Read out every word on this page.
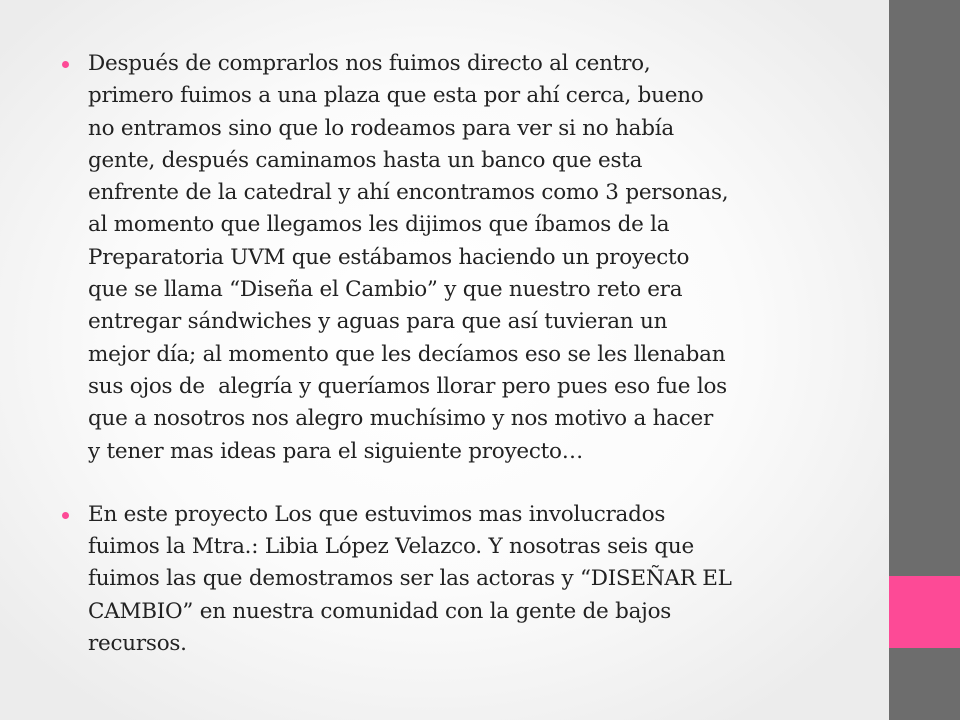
Después de comprarlos nos fuimos directo al centro,
primero fuimos a una plaza que esta por ahí cerca, bueno
no entramos sino que lo rodeamos para ver si no había
gente, después caminamos hasta un banco que esta
enfrente de la catedral y ahí encontramos como 3 personas,
al momento que llegamos les dijimos que íbamos de la
Preparatoria UVM que estábamos haciendo un proyecto
que se llama “Diseña el Cambio” y que nuestro reto era
entregar sándwiches y aguas para que así tuvieran un
mejor día; al momento que les decíamos eso se les llenaban
sus ojos de  alegría y queríamos llorar pero pues eso fue los
que a nosotros nos alegro muchísimo y nos motivo a hacer
y tener mas ideas para el siguiente proyecto…
En este proyecto Los que estuvimos mas involucrados
fuimos la Mtra.: Libia López Velazco. Y nosotras seis que
fuimos las que demostramos ser las actoras y “DISEÑAR EL
CAMBIO” en nuestra comunidad con la gente de bajos
recursos.
